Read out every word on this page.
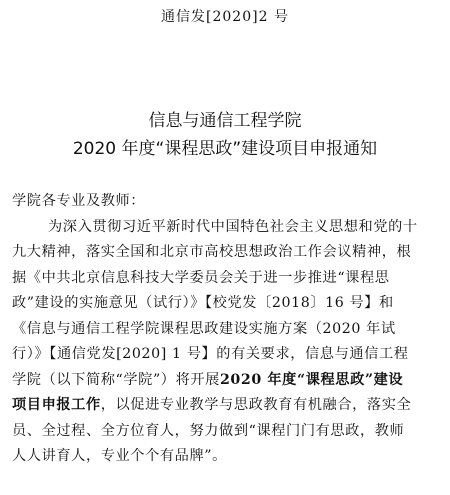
通信发[2020]2 号
信息与通信工程学院
2020 年度“课程思政”建设项目申报通知
学院各专业及教师：
为深入贯彻习近平新时代中国特色社会主义思想和党的十
九大精神，落实全国和北京市高校思想政治工作会议精神，根
据《中共北京信息科技大学委员会关于进一步推进“课程思
政”建设的实施意见（试行）》【校党发〔2018〕16 号】和
《信息与通信工程学院课程思政建设实施方案（2020 年试
行）》【通信党发[2020] 1 号】的有关要求，信息与通信工程
学院（以下简称“学院”）将开展2020 年度“课程思政”建设
项目申报工作，以促进专业教学与思政教育有机融合，落实全
员、全过程、全方位育人，努力做到“课程门门有思政，教师
人人讲育人，专业个个有品牌”。
